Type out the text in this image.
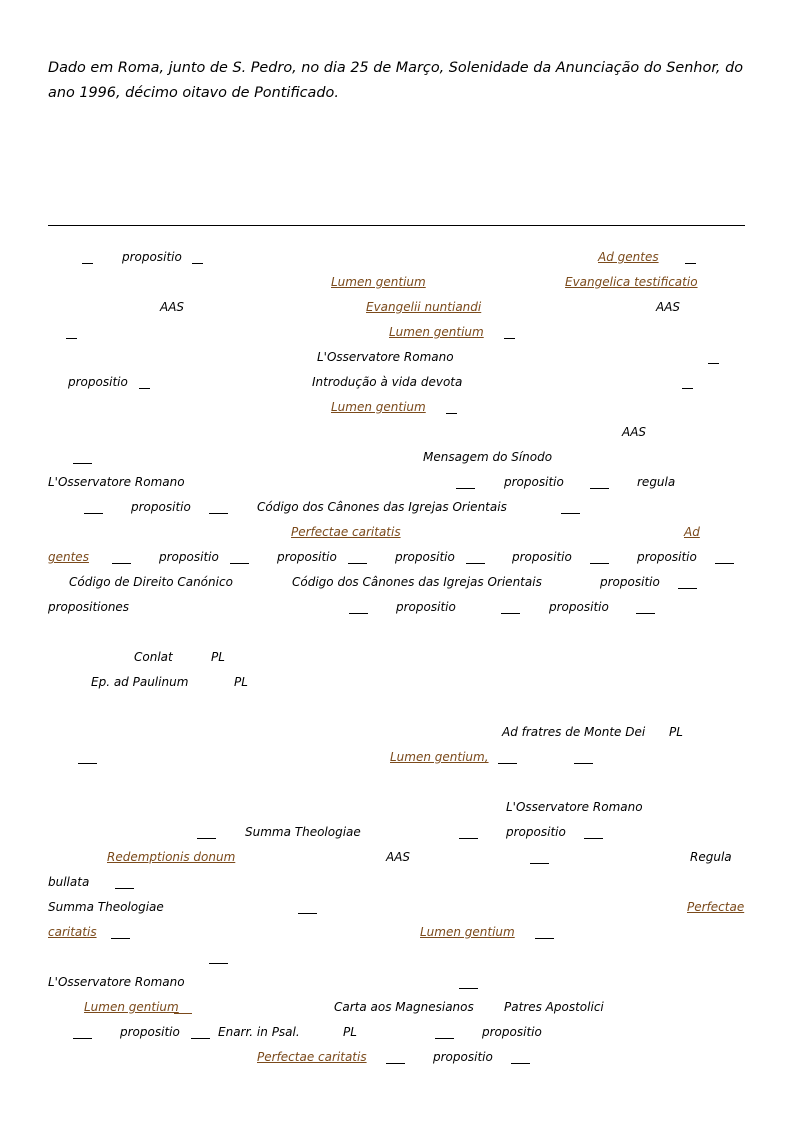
Dado em Roma, junto de S. Pedro, no dia 25 de Março, Solenidade da Anunciação do Senhor, do ano 1996, décimo oitavo de Pontificado.

propositio	Ad gentes
Lumen gentium	Evangelica testificatio
AAS	Evangelii nuntiandi	AAS
Lumen gentium
L'Osservatore Romano
propositio	Introdução à vida devota
Lumen gentium
AAS
Mensagem do Sínodo
L'Osservatore Romano	propositio	regula
propositio	Código dos Cânones das Igrejas Orientais
Perfectae caritatis	Ad
gentes	propositio	propositio	propositio	propositio	propositio
Código de Direito Canónico	Código dos Cânones das Igrejas Orientais	propositio
propositiones	propositio	propositio
Conlat	PL
Ep. ad Paulinum	PL
Ad fratres de Monte Dei PL
Lumen gentium,
L'Osservatore Romano
Summa Theologiae	propositio
Redemptionis donum	AAS	Regula
bullata
Summa Theologiae	Perfectae
caritatis	Lumen gentium
L'Osservatore Romano
Lumen gentium	Carta aos Magnesianos	Patres Apostolici
propositio	Enarr. in Psal.	PL	propositio
Perfectae caritatis	propositio
